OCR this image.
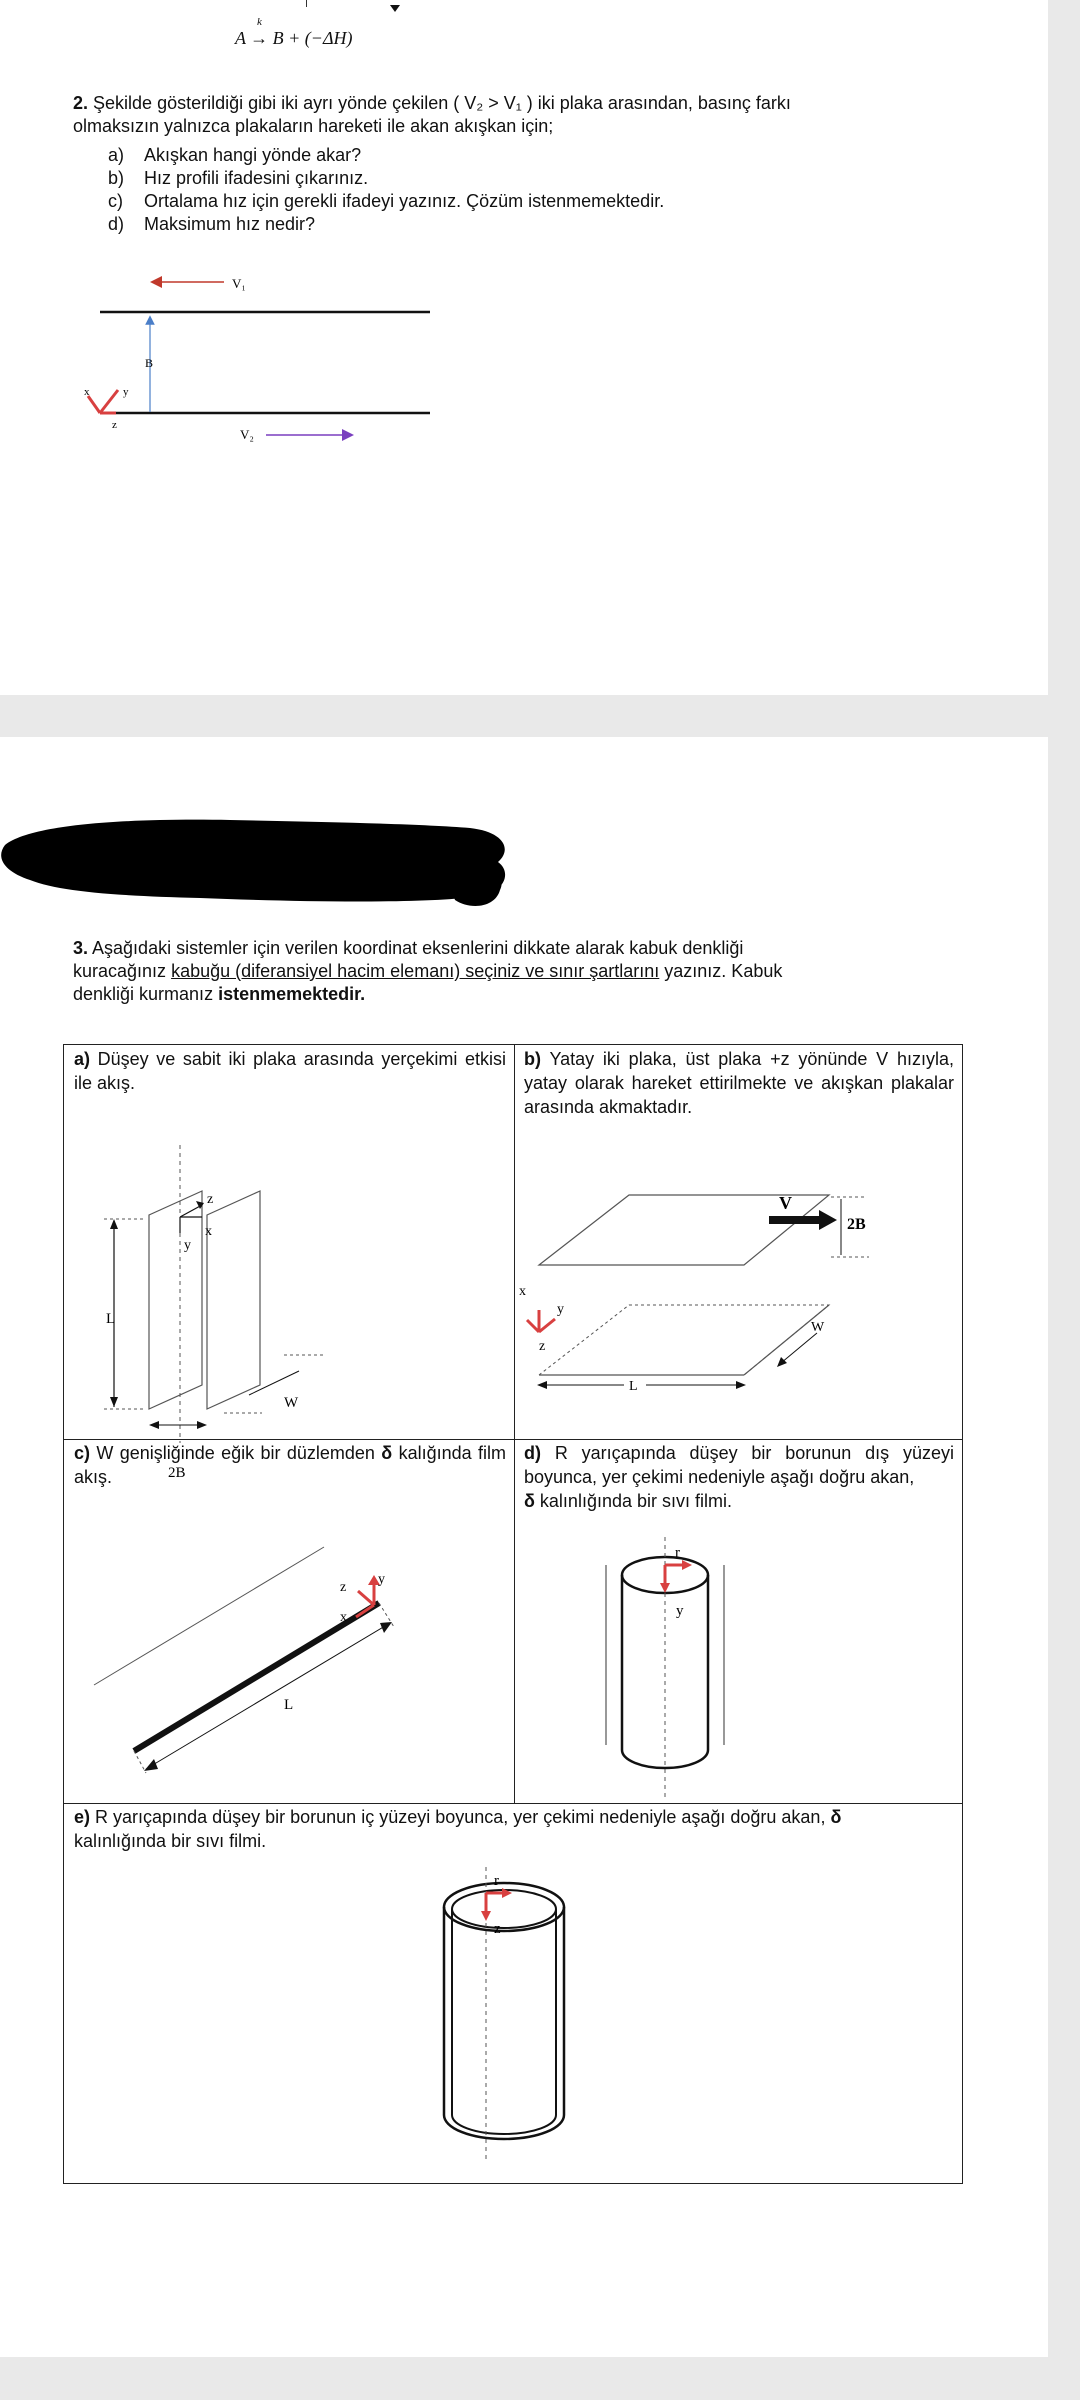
k
A → B + (−ΔH)
2. Şekilde gösterildiği gibi iki ayrı yönde çekilen ( V₂ > V₁ ) iki plaka arasından, basınç farkı
olmaksızın yalnızca plakaların hareketi ile akan akışkan için;
a) Akışkan hangi yönde akar?
b) Hız profili ifadesini çıkarınız.
c) Ortalama hız için gerekli ifadeyi yazınız. Çözüm istenmemektedir.
d) Maksimum hız nedir?
V₁
B
x	y
z
V₂
3. Aşağıdaki sistemler için verilen koordinat eksenlerini dikkate alarak kabuk denkliği
kuracağınız kabuğu (diferansiyel hacim elemanı) seçiniz ve sınır şartlarını yazınız. Kabuk
denkliği kurmanız istenmemektedir.
a) Düşey ve sabit iki plaka arasında yerçekimi etkisi ile akış.
L
z
x
y
W
2B
b) Yatay iki plaka, üst plaka +z yönünde V hızıyla, yatay olarak hareket ettirilmekte ve akışkan plakalar arasında akmaktadır.
V
2B
x
y
z
L
W
c) W genişliğinde eğik bir düzlemden δ kalığında film akış.
L
y
z
x
d) R yarıçapında düşey bir borunun dış yüzeyi boyunca, yer çekimi nedeniyle aşağı doğru akan,
δ kalınlığında bir sıvı filmi.
r
y
e) R yarıçapında düşey bir borunun iç yüzeyi boyunca, yer çekimi nedeniyle aşağı doğru akan, δ
kalınlığında bir sıvı filmi.
r
z
